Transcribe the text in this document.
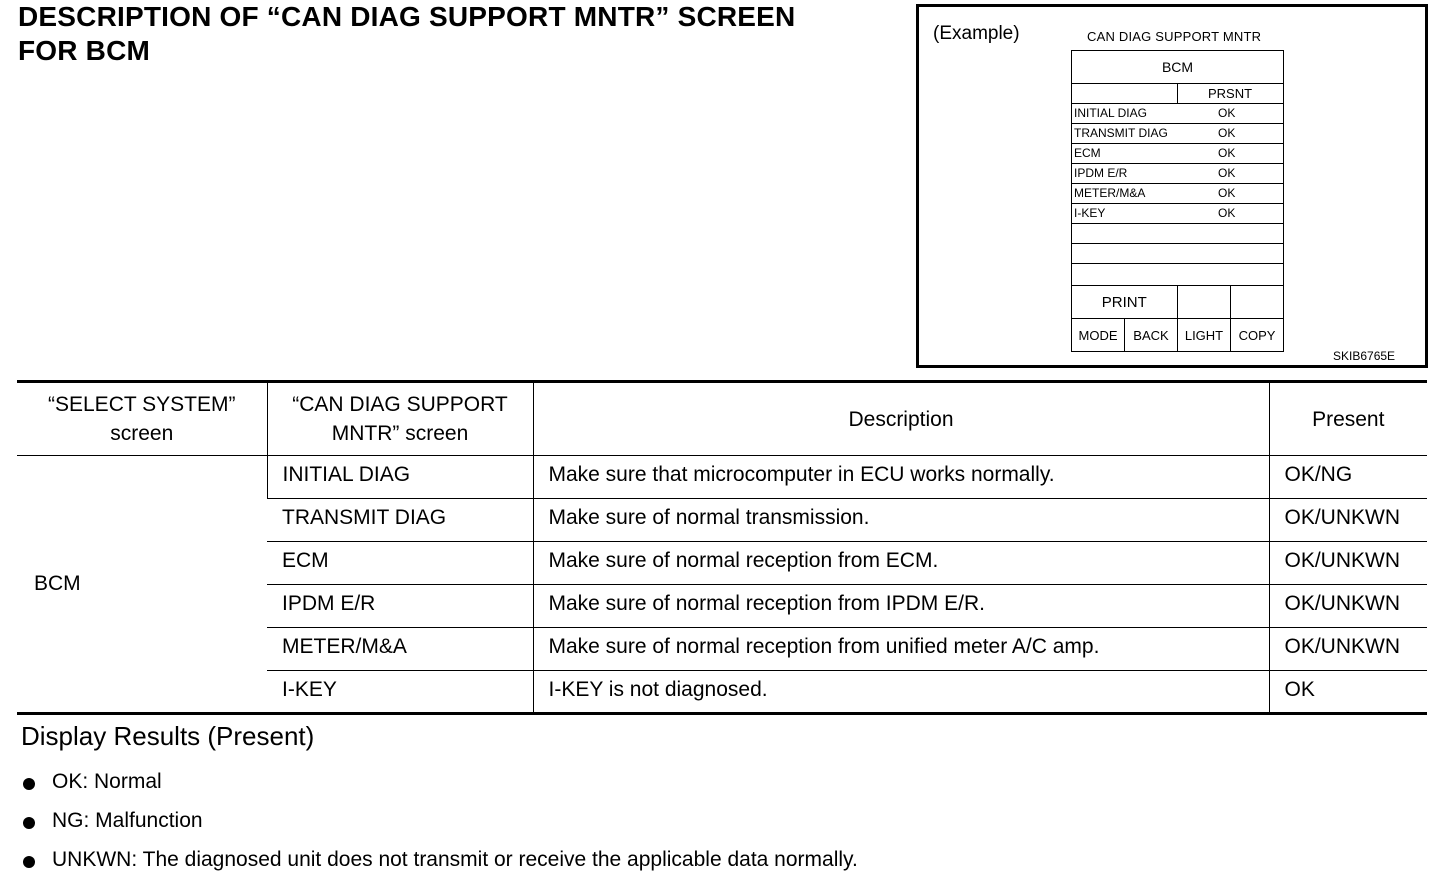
DESCRIPTION OF “CAN DIAG SUPPORT MNTR” SCREEN
FOR BCM
(Example)	CAN DIAG SUPPORT MNTR
BCM
PRSNT
INITIAL DIAG	OK
TRANSMIT DIAG	OK
ECM	OK
IPDM E/R	OK
METER/M&A	OK
I-KEY	OK
PRINT
MODE	BACK	LIGHT	COPY
SKIB6765E
“SELECT SYSTEM” screen	“CAN DIAG SUPPORT MNTR” screen	Description	Present
BCM	INITIAL DIAG	Make sure that microcomputer in ECU works normally.	OK/NG
	TRANSMIT DIAG	Make sure of normal transmission.	OK/UNKWN
	ECM	Make sure of normal reception from ECM.	OK/UNKWN
	IPDM E/R	Make sure of normal reception from IPDM E/R.	OK/UNKWN
	METER/M&A	Make sure of normal reception from unified meter A/C amp.	OK/UNKWN
	I-KEY	I-KEY is not diagnosed.	OK
Display Results (Present)
OK: Normal
NG: Malfunction
UNKWN: The diagnosed unit does not transmit or receive the applicable data normally.
